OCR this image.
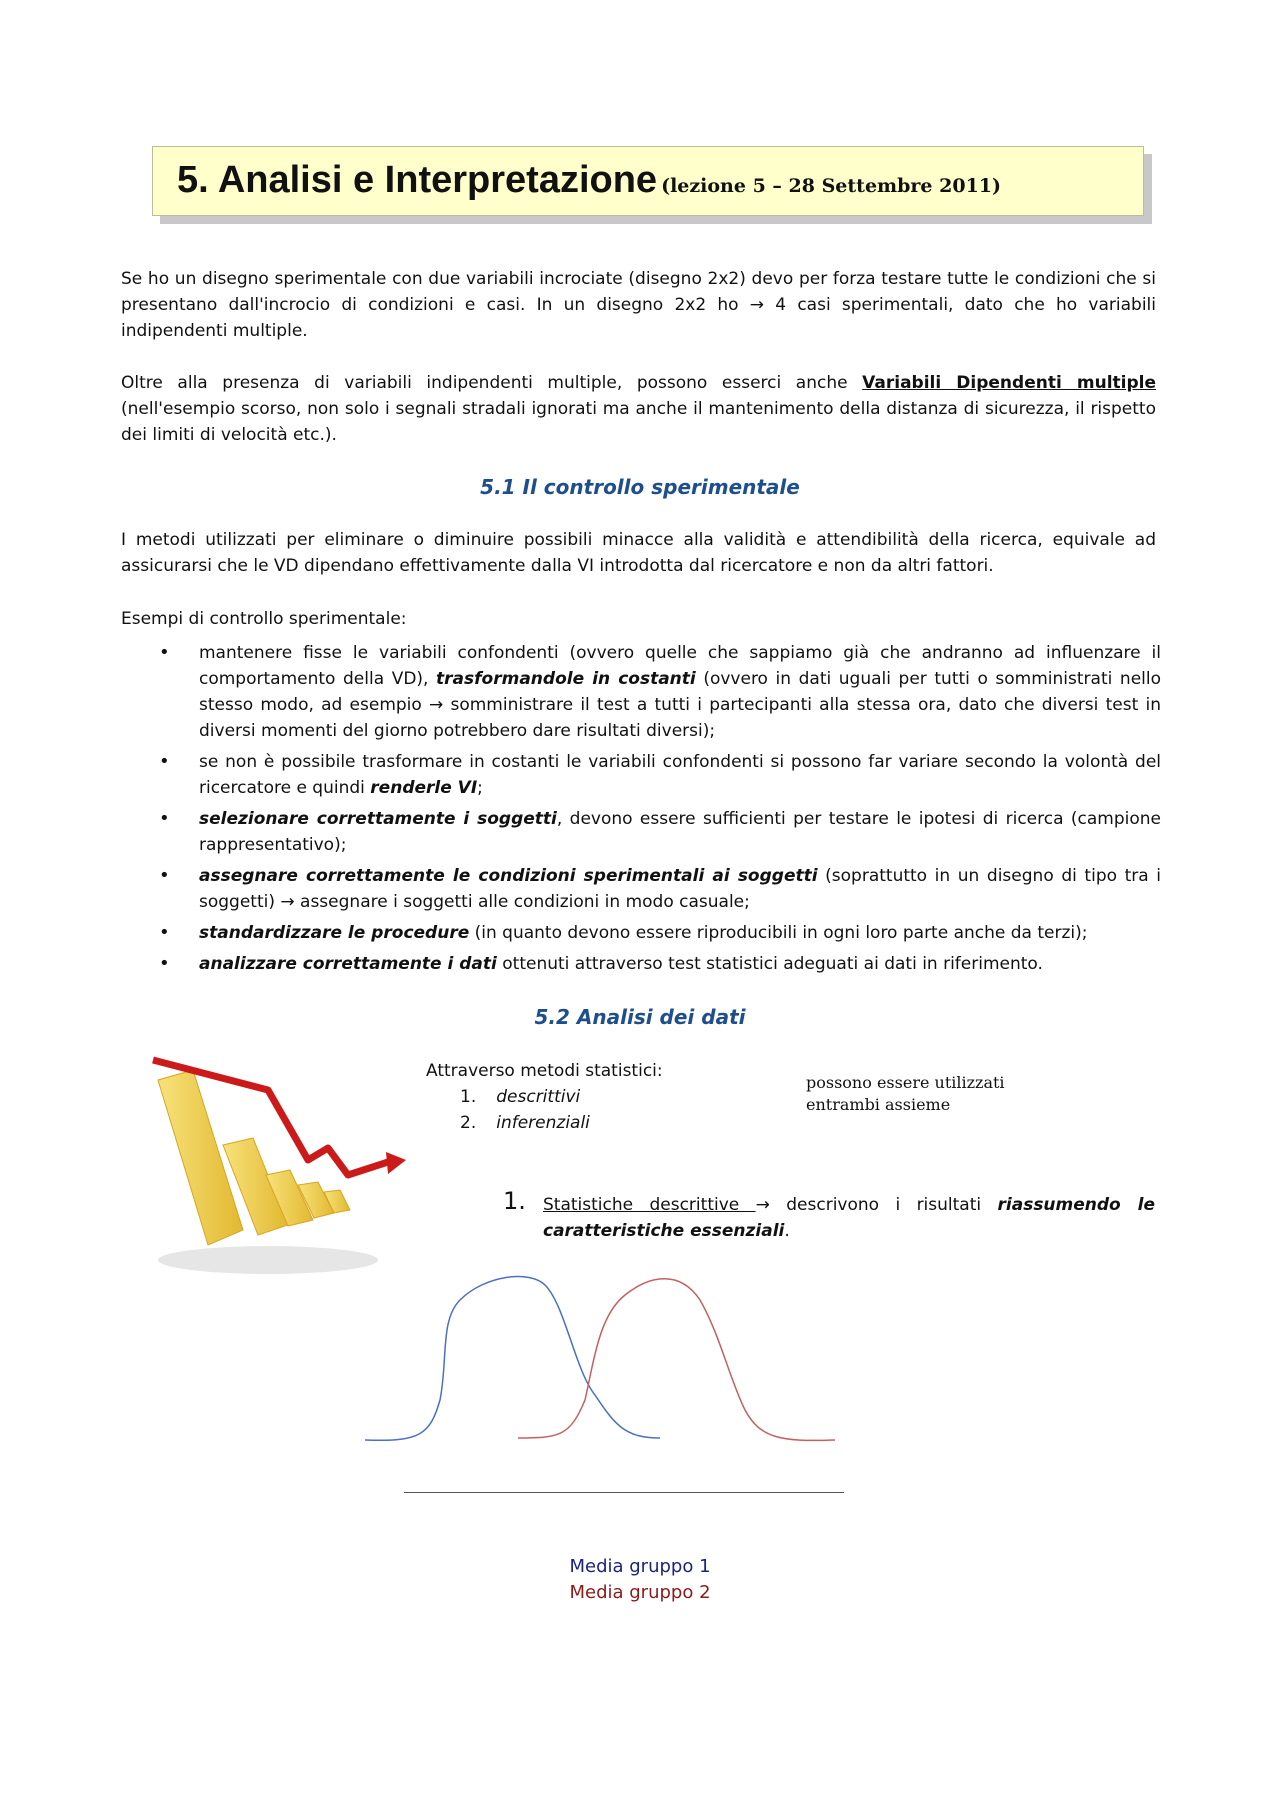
5. Analisi e Interpretazione (lezione 5 – 28 Settembre 2011)
Se ho un disegno sperimentale con due variabili incrociate (disegno 2x2) devo per forza testare tutte le condizioni che si presentano dall'incrocio di condizioni e casi. In un disegno 2x2 ho → 4 casi sperimentali, dato che ho variabili indipendenti multiple.
Oltre alla presenza di variabili indipendenti multiple, possono esserci anche Variabili Dipendenti multiple (nell'esempio scorso, non solo i segnali stradali ignorati ma anche il mantenimento della distanza di sicurezza, il rispetto dei limiti di velocità etc.).
5.1 Il controllo sperimentale
I metodi utilizzati per eliminare o diminuire possibili minacce alla validità e attendibilità della ricerca, equivale ad assicurarsi che le VD dipendano effettivamente dalla VI introdotta dal ricercatore e non da altri fattori.
Esempi di controllo sperimentale:
• mantenere fisse le variabili confondenti (ovvero quelle che sappiamo già che andranno ad influenzare il comportamento della VD), trasformandole in costanti (ovvero in dati uguali per tutti o somministrati nello stesso modo, ad esempio → somministrare il test a tutti i partecipanti alla stessa ora, dato che diversi test in diversi momenti del giorno potrebbero dare risultati diversi);
• se non è possibile trasformare in costanti le variabili confondenti si possono far variare secondo la volontà del ricercatore e quindi renderle VI;
• selezionare correttamente i soggetti, devono essere sufficienti per testare le ipotesi di ricerca (campione rappresentativo);
• assegnare correttamente le condizioni sperimentali ai soggetti (soprattutto in un disegno di tipo tra i soggetti) → assegnare i soggetti alle condizioni in modo casuale;
• standardizzare le procedure (in quanto devono essere riproducibili in ogni loro parte anche da terzi);
• analizzare correttamente i dati ottenuti attraverso test statistici adeguati ai dati in riferimento.
5.2 Analisi dei dati
Attraverso metodi statistici:
1. descrittivi
2. inferenziali
possono essere utilizzati
entrambi assieme
1. Statistiche descrittive → descrivono i risultati riassumendo le caratteristiche essenziali.
Media gruppo 1
Media gruppo 2
